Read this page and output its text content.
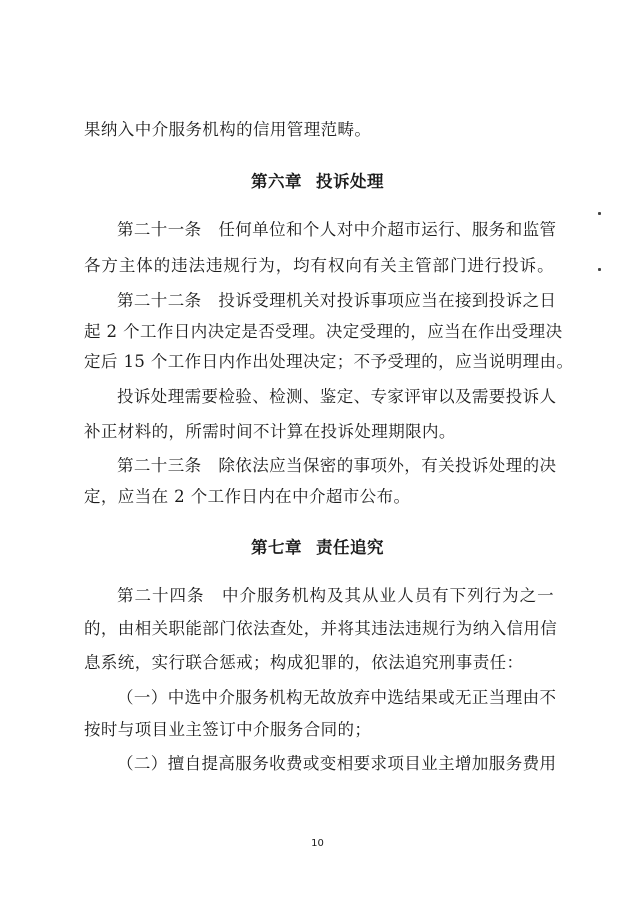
果纳入中介服务机构的信用管理范畴。
第六章 投诉处理
第二十一条　任何单位和个人对中介超市运行、服务和监管
各方主体的违法违规行为，均有权向有关主管部门进行投诉。
第二十二条　投诉受理机关对投诉事项应当在接到投诉之日
起 2 个工作日内决定是否受理。决定受理的，应当在作出受理决
定后 15 个工作日内作出处理决定；不予受理的，应当说明理由。
投诉处理需要检验、检测、鉴定、专家评审以及需要投诉人
补正材料的，所需时间不计算在投诉处理期限内。
第二十三条　除依法应当保密的事项外，有关投诉处理的决
定，应当在 2 个工作日内在中介超市公布。
第七章 责任追究
第二十四条　中介服务机构及其从业人员有下列行为之一
的，由相关职能部门依法查处，并将其违法违规行为纳入信用信
息系统，实行联合惩戒；构成犯罪的，依法追究刑事责任：
（一）中选中介服务机构无故放弃中选结果或无正当理由不
按时与项目业主签订中介服务合同的；
（二）擅自提高服务收费或变相要求项目业主增加服务费用
10
